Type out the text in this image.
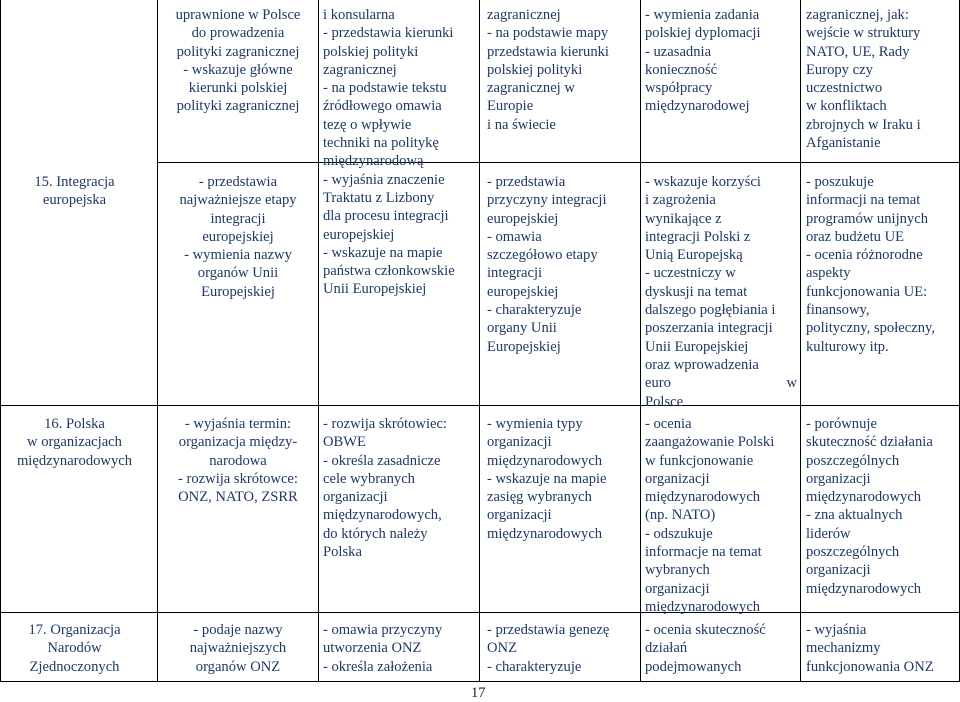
15. Integracja
europejska
16. Polska
w organizacjach
międzynarodowych
17. Organizacja
Narodów
Zjednoczonych
uprawnione w Polsce
do prowadzenia
polityki zagranicznej
- wskazuje główne
kierunki polskiej
polityki zagranicznej
- przedstawia
najważniejsze etapy
integracji
europejskiej
- wymienia nazwy
organów Unii
Europejskiej
- wyjaśnia termin:
organizacja między-
narodowa
- rozwija skrótowce:
ONZ, NATO, ZSRR
- podaje nazwy
najważniejszych
organów ONZ
i konsularna
- przedstawia kierunki
polskiej polityki
zagranicznej
- na podstawie tekstu
źródłowego omawia
tezę o wpływie
techniki na politykę
międzynarodową
- wyjaśnia znaczenie
Traktatu z Lizbony
dla procesu integracji
europejskiej
- wskazuje na mapie
państwa członkowskie
Unii Europejskiej
- rozwija skrótowiec:
OBWE
- określa zasadnicze
cele wybranych
organizacji
międzynarodowych,
do których należy
Polska
- omawia przyczyny
utworzenia ONZ
- określa założenia
zagranicznej
- na podstawie mapy
przedstawia kierunki
polskiej polityki
zagranicznej w
Europie
i na świecie
- przedstawia
przyczyny integracji
europejskiej
- omawia
szczegółowo etapy
integracji
europejskiej
- charakteryzuje
organy Unii
Europejskiej
- wymienia typy
organizacji
międzynarodowych
- wskazuje na mapie
zasięg wybranych
organizacji
międzynarodowych
- przedstawia genezę
ONZ
- charakteryzuje
- wymienia zadania
polskiej dyplomacji
- uzasadnia
konieczność
współpracy
międzynarodowej
- wskazuje korzyści
i zagrożenia
wynikające z
integracji Polski z
Unią Europejską
- uczestniczy w
dyskusji na temat
dalszego pogłębiania i
poszerzania integracji
Unii Europejskiej
oraz wprowadzenia
euro	w
Polsce
- ocenia
zaangażowanie Polski
w funkcjonowanie
organizacji
międzynarodowych
(np. NATO)
- odszukuje
informacje na temat
wybranych
organizacji
międzynarodowych
- ocenia skuteczność
działań
podejmowanych
zagranicznej, jak:
wejście w struktury
NATO, UE, Rady
Europy czy
uczestnictwo
w konfliktach
zbrojnych w Iraku i
Afganistanie
- poszukuje
informacji na temat
programów unijnych
oraz budżetu UE
- ocenia różnorodne
aspekty
funkcjonowania UE:
finansowy,
polityczny, społeczny,
kulturowy itp.
- porównuje
skuteczność działania
poszczególnych
organizacji
międzynarodowych
- zna aktualnych
liderów
poszczególnych
organizacji
międzynarodowych
- wyjaśnia
mechanizmy
funkcjonowania ONZ
17
